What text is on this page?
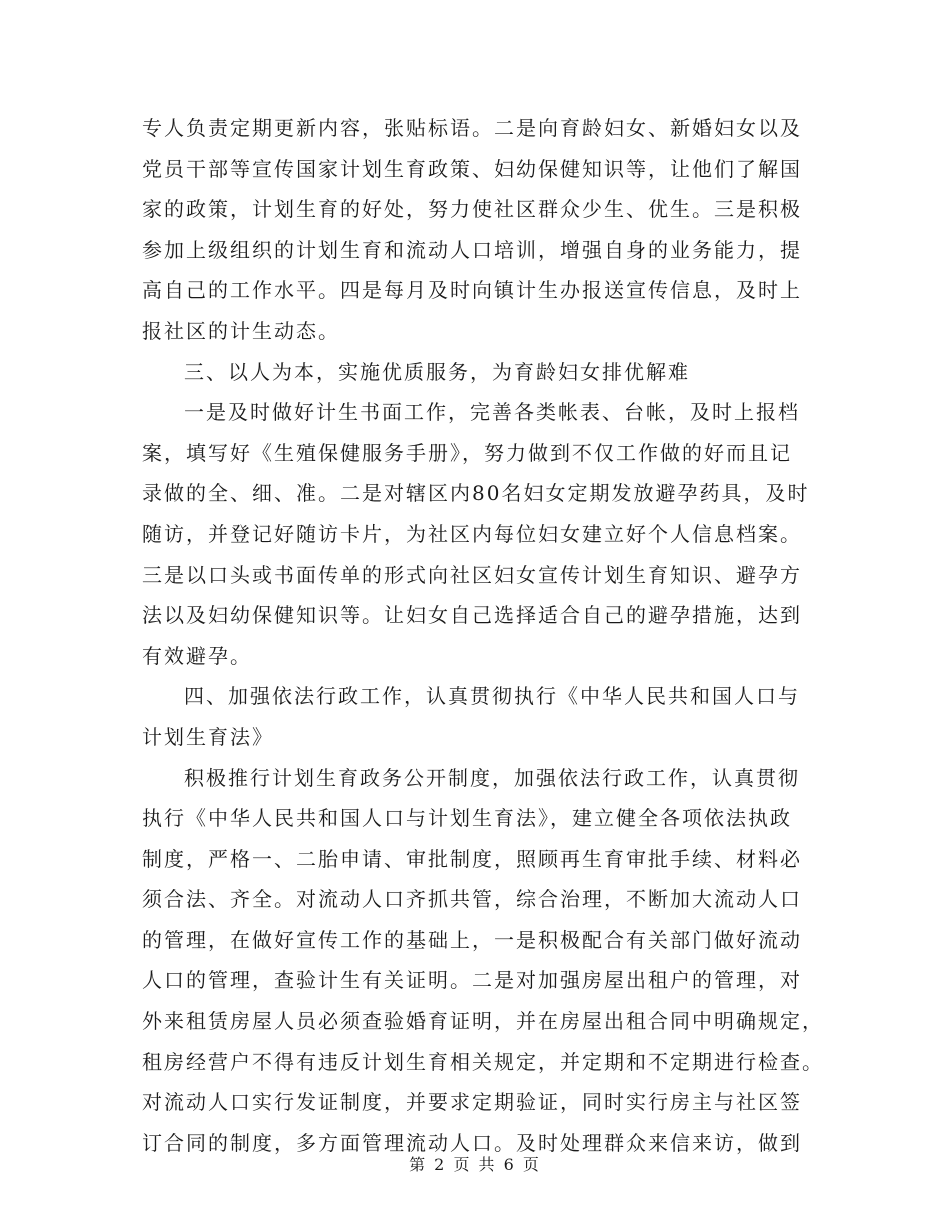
专人负责定期更新内容，张贴标语。二是向育龄妇女、新婚妇女以及
党员干部等宣传国家计划生育政策、妇幼保健知识等，让他们了解国
家的政策，计划生育的好处，努力使社区群众少生、优生。三是积极
参加上级组织的计划生育和流动人口培训，增强自身的业务能力，提
高自己的工作水平。四是每月及时向镇计生办报送宣传信息，及时上
报社区的计生动态。
三、以人为本，实施优质服务，为育龄妇女排优解难
一是及时做好计生书面工作，完善各类帐表、台帐，及时上报档
案，填写好《生殖保健服务手册》，努力做到不仅工作做的好而且记
录做的全、细、准。二是对辖区内80名妇女定期发放避孕药具，及时
随访，并登记好随访卡片，为社区内每位妇女建立好个人信息档案。
三是以口头或书面传单的形式向社区妇女宣传计划生育知识、避孕方
法以及妇幼保健知识等。让妇女自己选择适合自己的避孕措施，达到
有效避孕。
四、加强依法行政工作，认真贯彻执行《中华人民共和国人口与
计划生育法》
积极推行计划生育政务公开制度，加强依法行政工作，认真贯彻
执行《中华人民共和国人口与计划生育法》，建立健全各项依法执政
制度，严格一、二胎申请、审批制度，照顾再生育审批手续、材料必
须合法、齐全。对流动人口齐抓共管，综合治理，不断加大流动人口
的管理，在做好宣传工作的基础上，一是积极配合有关部门做好流动
人口的管理，查验计生有关证明。二是对加强房屋出租户的管理，对
外来租赁房屋人员必须查验婚育证明，并在房屋出租合同中明确规定，
租房经营户不得有违反计划生育相关规定，并定期和不定期进行检查。
对流动人口实行发证制度，并要求定期验证，同时实行房主与社区签
订合同的制度，多方面管理流动人口。及时处理群众来信来访，做到
第 2 页 共 6 页
